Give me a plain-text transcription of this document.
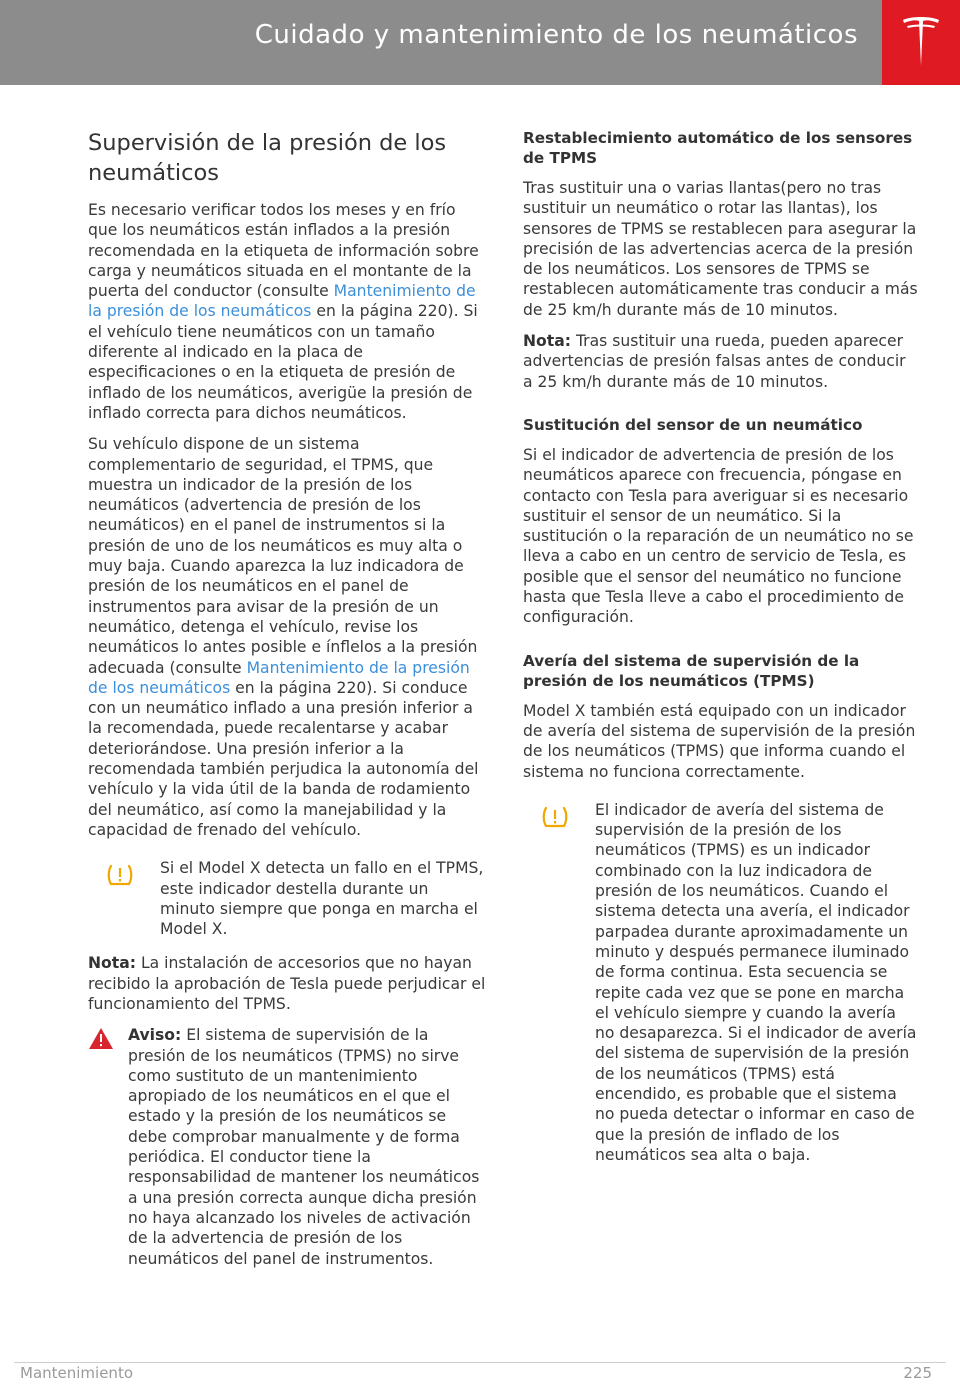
Cuidado y mantenimiento de los neumáticos
Supervisión de la presión de los neumáticos

Es necesario verificar todos los meses y en frío que los neumáticos están inflados a la presión recomendada en la etiqueta de información sobre carga y neumáticos situada en el montante de la puerta del conductor (consulte Mantenimiento de la presión de los neumáticos en la página 220). Si el vehículo tiene neumáticos con un tamaño diferente al indicado en la placa de especificaciones o en la etiqueta de presión de inflado de los neumáticos, averigüe la presión de inflado correcta para dichos neumáticos.

Su vehículo dispone de un sistema complementario de seguridad, el TPMS, que muestra un indicador de la presión de los neumáticos (advertencia de presión de los neumáticos) en el panel de instrumentos si la presión de uno de los neumáticos es muy alta o muy baja. Cuando aparezca la luz indicadora de presión de los neumáticos en el panel de instrumentos para avisar de la presión de un neumático, detenga el vehículo, revise los neumáticos lo antes posible e ínflelos a la presión adecuada (consulte Mantenimiento de la presión de los neumáticos en la página 220). Si conduce con un neumático inflado a una presión inferior a la recomendada, puede recalentarse y acabar deteriorándose. Una presión inferior a la recomendada también perjudica la autonomía del vehículo y la vida útil de la banda de rodamiento del neumático, así como la manejabilidad y la capacidad de frenado del vehículo.

Si el Model X detecta un fallo en el TPMS, este indicador destella durante un minuto siempre que ponga en marcha el Model X.

Nota: La instalación de accesorios que no hayan recibido la aprobación de Tesla puede perjudicar el funcionamiento del TPMS.

Aviso: El sistema de supervisión de la presión de los neumáticos (TPMS) no sirve como sustituto de un mantenimiento apropiado de los neumáticos en el que el estado y la presión de los neumáticos se debe comprobar manualmente y de forma periódica. El conductor tiene la responsabilidad de mantener los neumáticos a una presión correcta aunque dicha presión no haya alcanzado los niveles de activación de la advertencia de presión de los neumáticos del panel de instrumentos.

Restablecimiento automático de los sensores de TPMS

Tras sustituir una o varias llantas(pero no tras sustituir un neumático o rotar las llantas), los sensores de TPMS se restablecen para asegurar la precisión de las advertencias acerca de la presión de los neumáticos. Los sensores de TPMS se restablecen automáticamente tras conducir a más de 25 km/h durante más de 10 minutos.

Nota: Tras sustituir una rueda, pueden aparecer advertencias de presión falsas antes de conducir a 25 km/h durante más de 10 minutos.

Sustitución del sensor de un neumático

Si el indicador de advertencia de presión de los neumáticos aparece con frecuencia, póngase en contacto con Tesla para averiguar si es necesario sustituir el sensor de un neumático. Si la sustitución o la reparación de un neumático no se lleva a cabo en un centro de servicio de Tesla, es posible que el sensor del neumático no funcione hasta que Tesla lleve a cabo el procedimiento de configuración.

Avería del sistema de supervisión de la presión de los neumáticos (TPMS)

Model X también está equipado con un indicador de avería del sistema de supervisión de la presión de los neumáticos (TPMS) que informa cuando el sistema no funciona correctamente.

El indicador de avería del sistema de supervisión de la presión de los neumáticos (TPMS) es un indicador combinado con la luz indicadora de presión de los neumáticos. Cuando el sistema detecta una avería, el indicador parpadea durante aproximadamente un minuto y después permanece iluminado de forma continua. Esta secuencia se repite cada vez que se pone en marcha el vehículo siempre y cuando la avería no desaparezca. Si el indicador de avería del sistema de supervisión de la presión de los neumáticos (TPMS) está encendido, es probable que el sistema no pueda detectar o informar en caso de que la presión de inflado de los neumáticos sea alta o baja.

Mantenimiento	225
